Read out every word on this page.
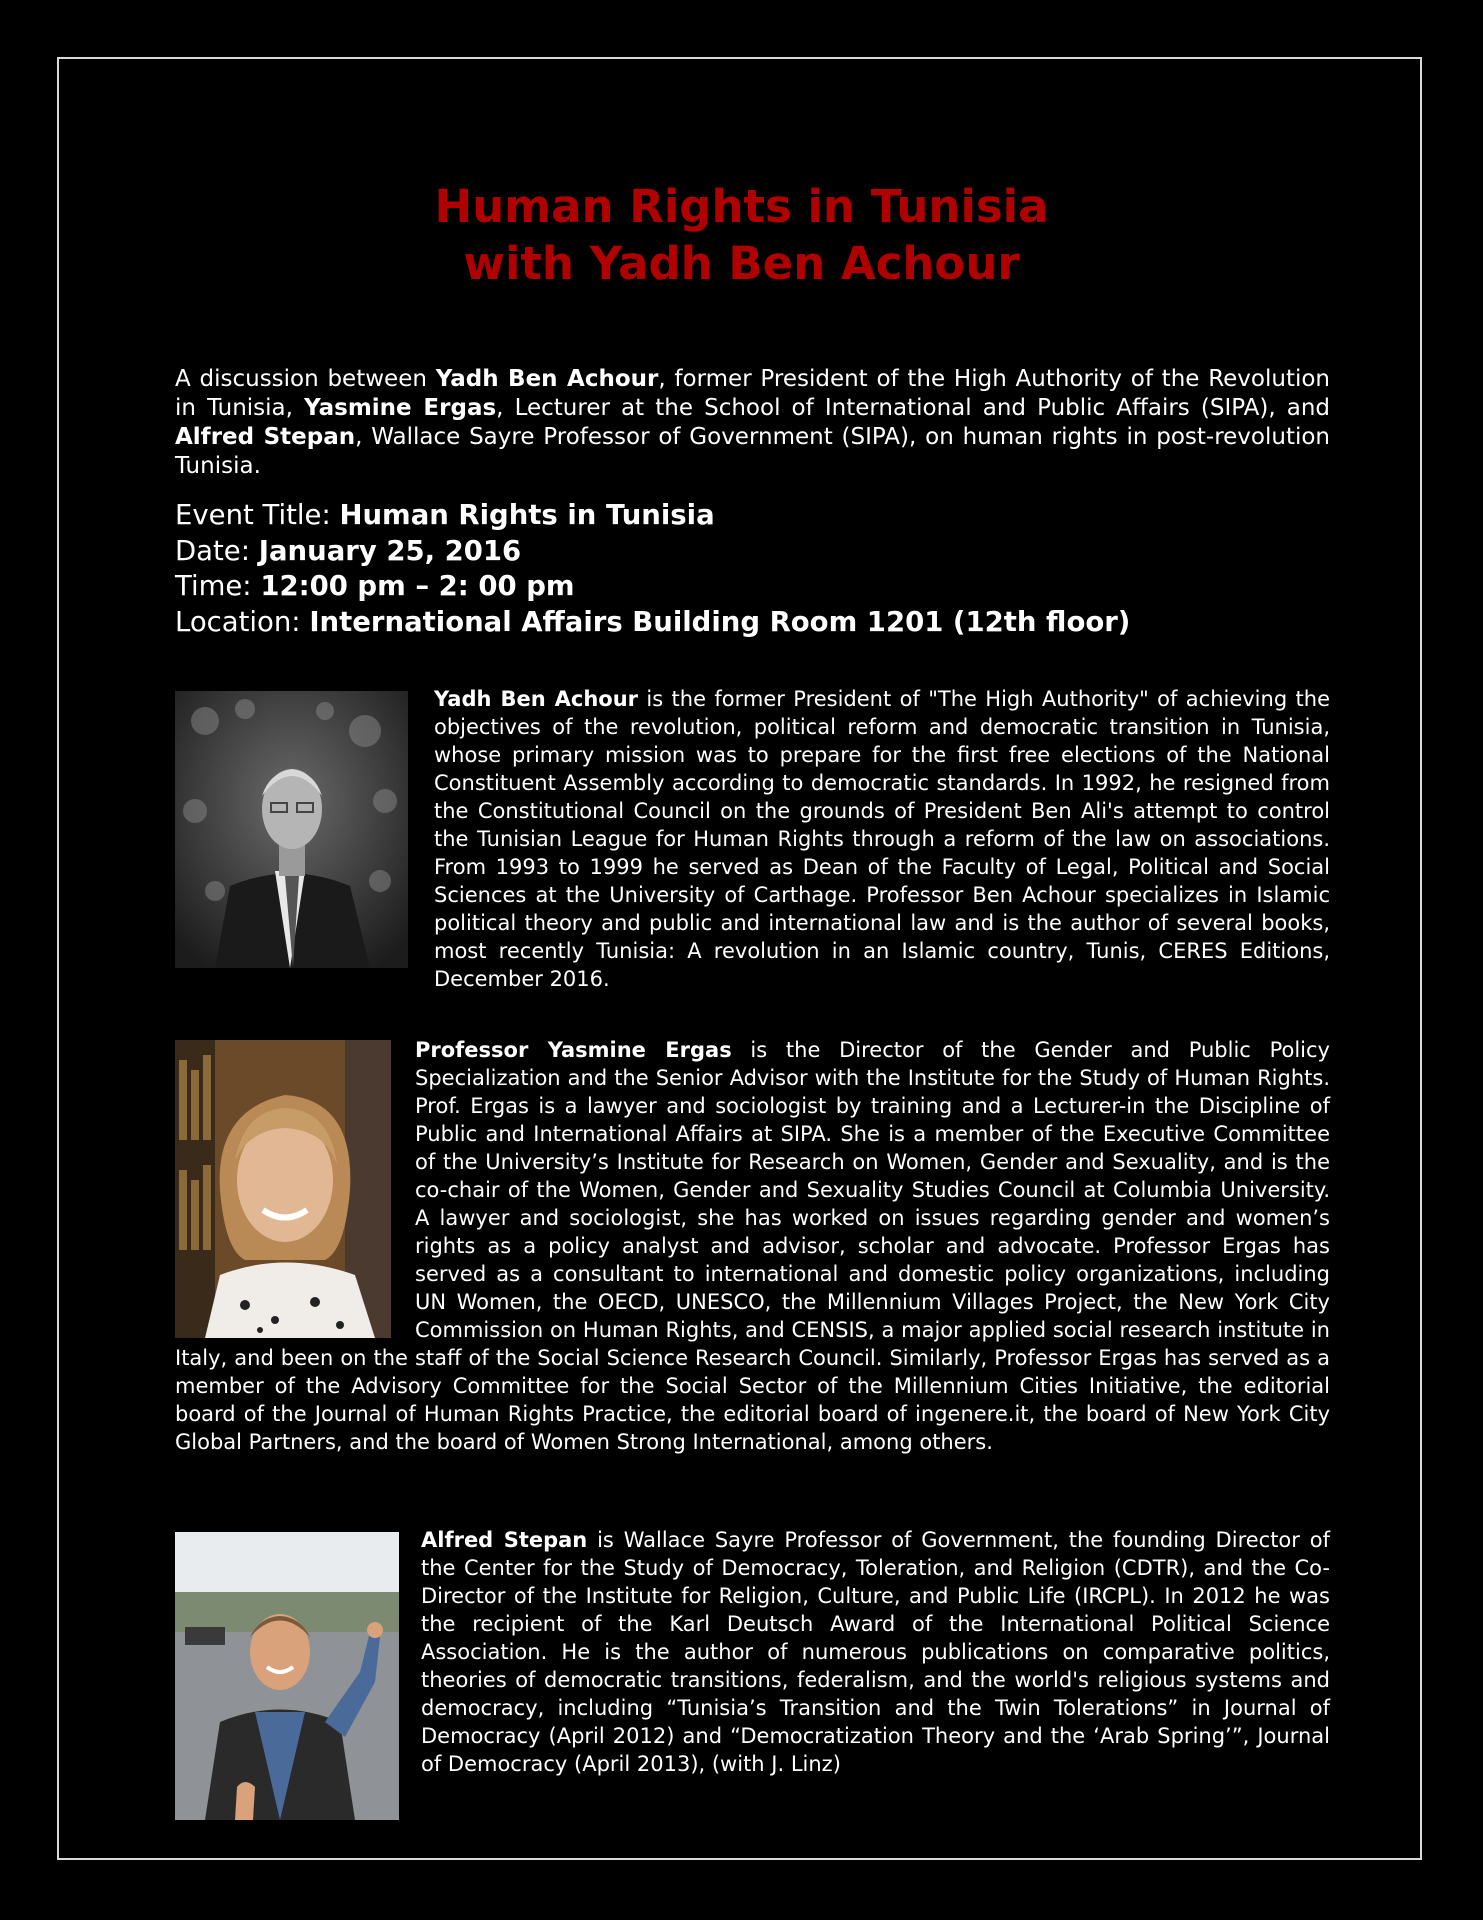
Human Rights in Tunisia
with Yadh Ben Achour

A discussion between Yadh Ben Achour, former President of the High Authority of the Revolution in Tunisia, Yasmine Ergas, Lecturer at the School of International and Public Affairs (SIPA), and Alfred Stepan, Wallace Sayre Professor of Government (SIPA), on human rights in post-revolution Tunisia.

Event Title: Human Rights in Tunisia
Date: January 25, 2016
Time: 12:00 pm – 2: 00 pm
Location: International Affairs Building Room 1201 (12th floor)

Yadh Ben Achour is the former President of "The High Authority" of achieving the objectives of the revolution, political reform and democratic transition in Tunisia, whose primary mission was to prepare for the first free elections of the National Constituent Assembly according to democratic standards. In 1992, he resigned from the Constitutional Council on the grounds of President Ben Ali's attempt to control the Tunisian League for Human Rights through a reform of the law on associations. From 1993 to 1999 he served as Dean of the Faculty of Legal, Political and Social Sciences at the University of Carthage. Professor Ben Achour specializes in Islamic political theory and public and international law and is the author of several books, most recently Tunisia: A revolution in an Islamic country, Tunis, CERES Editions, December 2016.

Professor Yasmine Ergas is the Director of the Gender and Public Policy Specialization and the Senior Advisor with the Institute for the Study of Human Rights. Prof. Ergas is a lawyer and sociologist by training and a Lecturer-in the Discipline of Public and International Affairs at SIPA. She is a member of the Executive Committee of the University’s Institute for Research on Women, Gender and Sexuality, and is the co-chair of the Women, Gender and Sexuality Studies Council at Columbia University. A lawyer and sociologist, she has worked on issues regarding gender and women’s rights as a policy analyst and advisor, scholar and advocate. Professor Ergas has served as a consultant to international and domestic policy organizations, including UN Women, the OECD, UNESCO, the Millennium Villages Project, the New York City Commission on Human Rights, and CENSIS, a major applied social research institute in Italy, and been on the staff of the Social Science Research Council. Similarly, Professor Ergas has served as a member of the Advisory Committee for the Social Sector of the Millennium Cities Initiative, the editorial board of the Journal of Human Rights Practice, the editorial board of ingenere.it, the board of New York City Global Partners, and the board of Women Strong International, among others.

Alfred Stepan is Wallace Sayre Professor of Government, the founding Director of the Center for the Study of Democracy, Toleration, and Religion (CDTR), and the Co-Director of the Institute for Religion, Culture, and Public Life (IRCPL). In 2012 he was the recipient of the Karl Deutsch Award of the International Political Science Association. He is the author of numerous publications on comparative politics, theories of democratic transitions, federalism, and the world's religious systems and democracy, including “Tunisia’s Transition and the Twin Tolerations” in Journal of Democracy (April 2012) and “Democratization Theory and the ‘Arab Spring’”, Journal of Democracy (April 2013), (with J. Linz)
